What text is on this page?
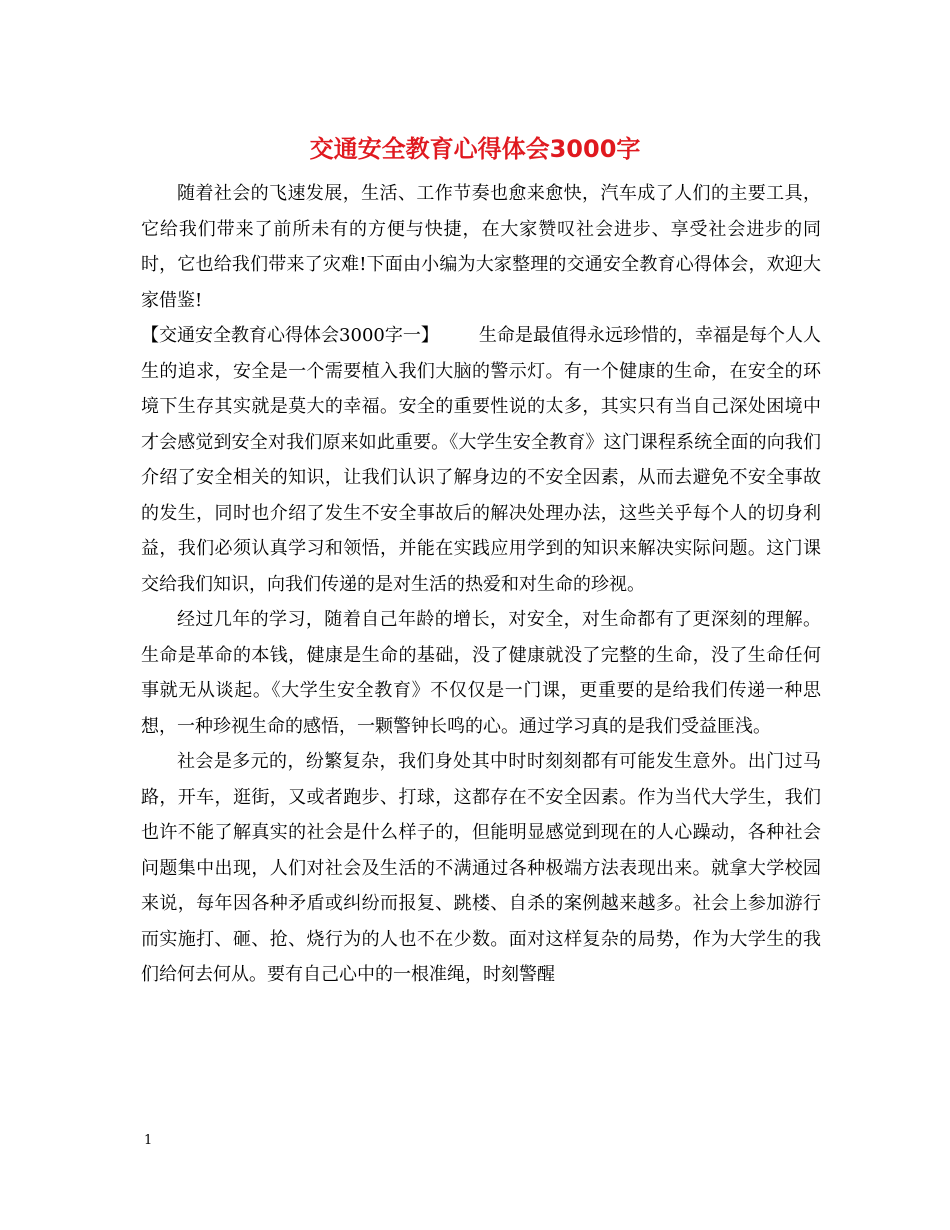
交通安全教育心得体会3000字

随着社会的飞速发展，生活、工作节奏也愈来愈快，汽车成了人们的主要工具，它给我们带来了前所未有的方便与快捷，在大家赞叹社会进步、享受社会进步的同时，它也给我们带来了灾难!下面由小编为大家整理的交通安全教育心得体会，欢迎大家借鉴!

【交通安全教育心得体会3000字一】 生命是最值得永远珍惜的，幸福是每个人人生的追求，安全是一个需要植入我们大脑的警示灯。有一个健康的生命，在安全的环境下生存其实就是莫大的幸福。安全的重要性说的太多，其实只有当自己深处困境中才会感觉到安全对我们原来如此重要。《大学生安全教育》这门课程系统全面的向我们介绍了安全相关的知识，让我们认识了解身边的不安全因素，从而去避免不安全事故的发生，同时也介绍了发生不安全事故后的解决处理办法，这些关乎每个人的切身利益，我们必须认真学习和领悟，并能在实践应用学到的知识来解决实际问题。这门课交给我们知识，向我们传递的是对生活的热爱和对生命的珍视。

经过几年的学习，随着自己年龄的增长，对安全，对生命都有了更深刻的理解。生命是革命的本钱，健康是生命的基础，没了健康就没了完整的生命，没了生命任何事就无从谈起。《大学生安全教育》不仅仅是一门课，更重要的是给我们传递一种思想，一种珍视生命的感悟，一颗警钟长鸣的心。通过学习真的是我们受益匪浅。

社会是多元的，纷繁复杂，我们身处其中时时刻刻都有可能发生意外。出门过马路，开车，逛街，又或者跑步、打球，这都存在不安全因素。作为当代大学生，我们也许不能了解真实的社会是什么样子的，但能明显感觉到现在的人心躁动，各种社会问题集中出现，人们对社会及生活的不满通过各种极端方法表现出来。就拿大学校园来说，每年因各种矛盾或纠纷而报复、跳楼、自杀的案例越来越多。社会上参加游行而实施打、砸、抢、烧行为的人也不在少数。面对这样复杂的局势，作为大学生的我们给何去何从。要有自己心中的一根准绳，时刻警醒

1
